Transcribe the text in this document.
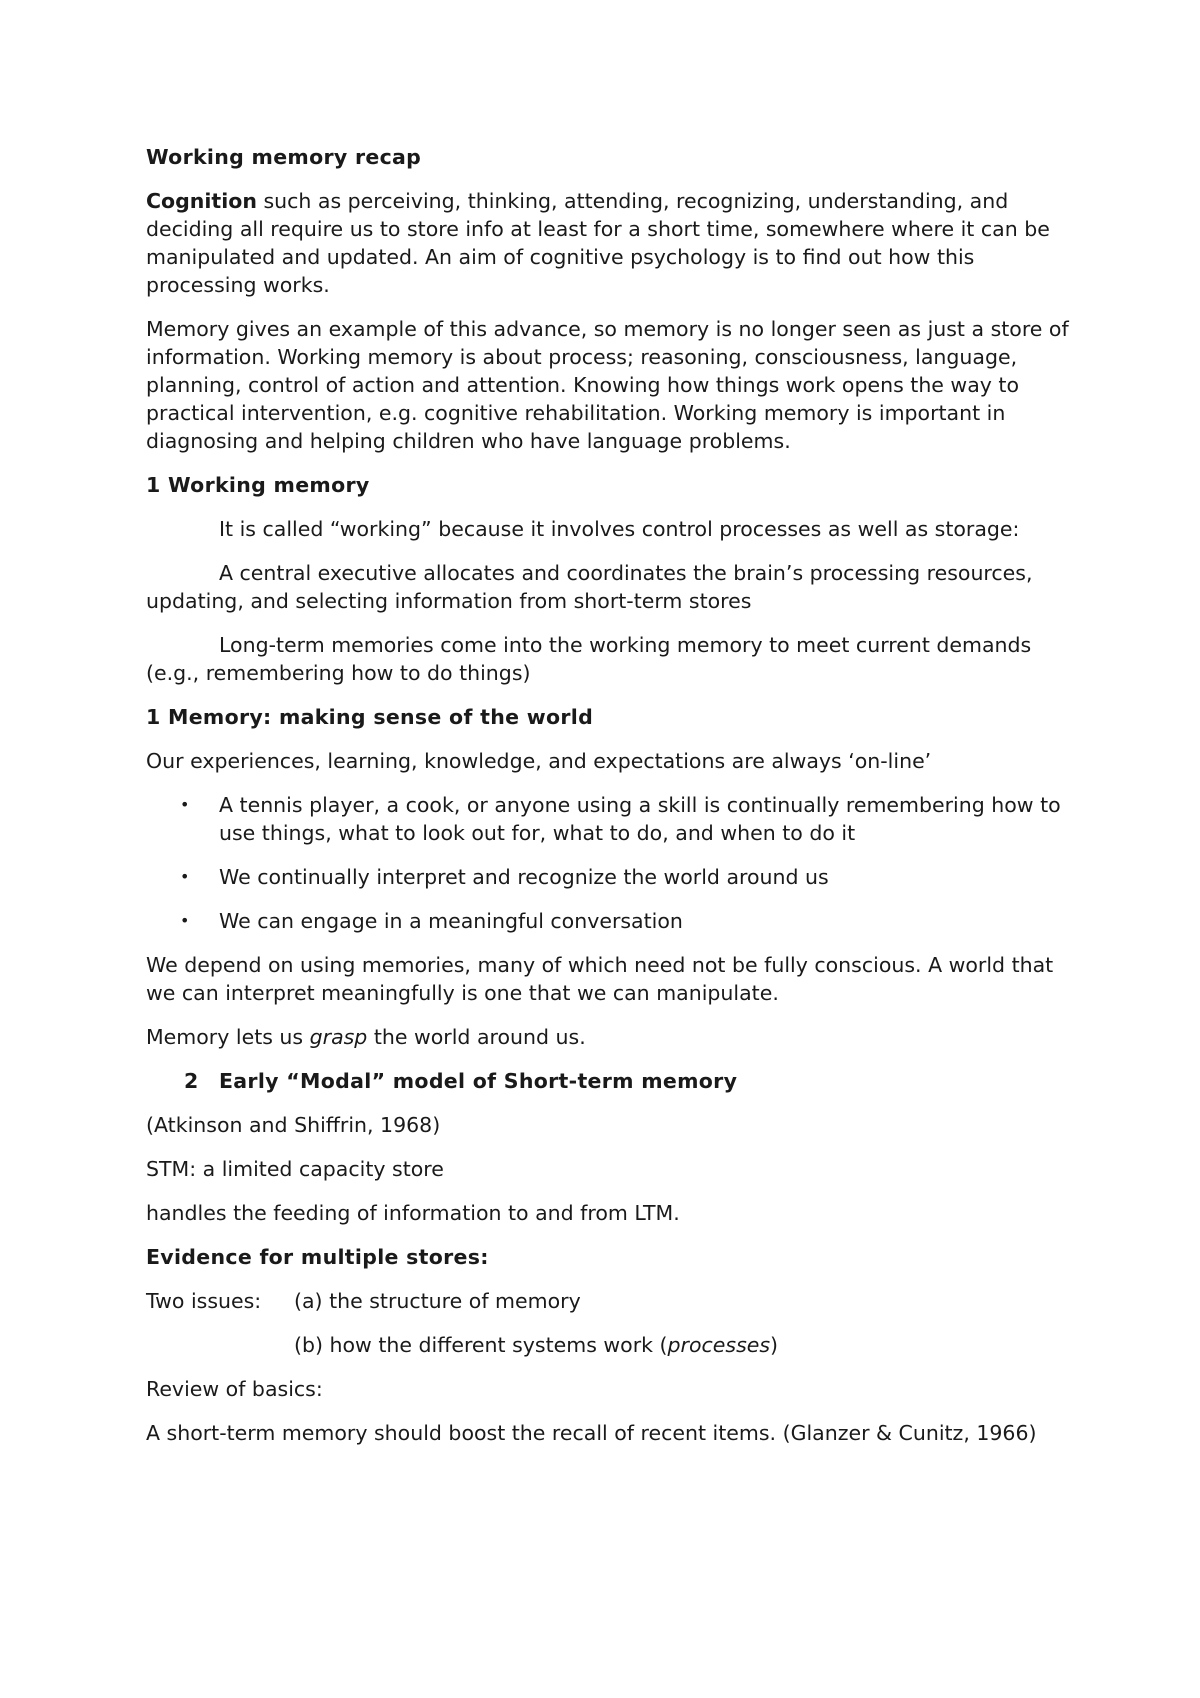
Working memory recap

Cognition such as perceiving, thinking, attending, recognizing, understanding, and deciding all require us to store info at least for a short time, somewhere where it can be manipulated and updated. An aim of cognitive psychology is to find out how this processing works.

Memory gives an example of this advance, so memory is no longer seen as just a store of information. Working memory is about process; reasoning, consciousness, language, planning, control of action and attention. Knowing how things work opens the way to practical intervention, e.g. cognitive rehabilitation. Working memory is important in diagnosing and helping children who have language problems.

1 Working memory

It is called “working” because it involves control processes as well as storage:

A central executive allocates and coordinates the brain’s processing resources, updating, and selecting information from short-term stores

Long-term memories come into the working memory to meet current demands (e.g., remembering how to do things)

1 Memory: making sense of the world

Our experiences, learning, knowledge, and expectations are always ‘on-line’

• A tennis player, a cook, or anyone using a skill is continually remembering how to use things, what to look out for, what to do, and when to do it
• We continually interpret and recognize the world around us
• We can engage in a meaningful conversation

We depend on using memories, many of which need not be fully conscious. A world that we can interpret meaningfully is one that we can manipulate.

Memory lets us grasp the world around us.

2 Early “Modal” model of Short-term memory

(Atkinson and Shiffrin, 1968)

STM: a limited capacity store

handles the feeding of information to and from LTM.

Evidence for multiple stores:

Two issues: (a) the structure of memory

(b) how the different systems work (processes)

Review of basics:

A short-term memory should boost the recall of recent items. (Glanzer & Cunitz, 1966)
